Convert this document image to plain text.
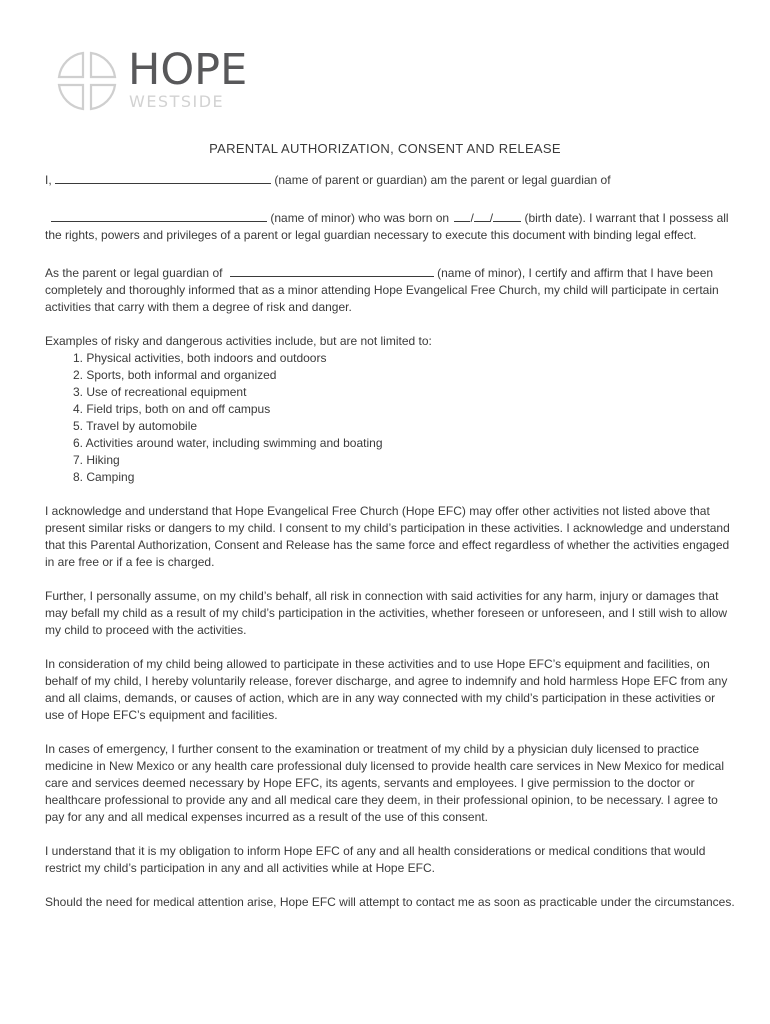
HOPE
WESTSIDE
PARENTAL AUTHORIZATION, CONSENT AND RELEASE

I,	(name of parent or guardian) am the parent or legal guardian of

(name of minor) who was born on / /	(birth date). I warrant that I possess all the rights, powers and privileges of a parent or legal guardian necessary to execute this document with binding legal effect.

As the parent or legal guardian of	(name of minor), I certify and affirm that I have been completely and thoroughly informed that as a minor attending Hope Evangelical Free Church, my child will participate in certain activities that carry with them a degree of risk and danger.

Examples of risky and dangerous activities include, but are not limited to:

1. Physical activities, both indoors and outdoors
2. Sports, both informal and organized
3. Use of recreational equipment
4. Field trips, both on and off campus
5. Travel by automobile
6. Activities around water, including swimming and boating
7. Hiking
8. Camping

I acknowledge and understand that Hope Evangelical Free Church (Hope EFC) may offer other activities not listed above that present similar risks or dangers to my child. I consent to my child’s participation in these activities. I acknowledge and understand that this Parental Authorization, Consent and Release has the same force and effect regardless of whether the activities engaged in are free or if a fee is charged.

Further, I personally assume, on my child’s behalf, all risk in connection with said activities for any harm, injury or damages that may befall my child as a result of my child’s participation in the activities, whether foreseen or unforeseen, and I still wish to allow my child to proceed with the activities.

In consideration of my child being allowed to participate in these activities and to use Hope EFC’s equipment and facilities, on behalf of my child, I hereby voluntarily release, forever discharge, and agree to indemnify and hold harmless Hope EFC from any and all claims, demands, or causes of action, which are in any way connected with my child’s participation in these activities or use of Hope EFC’s equipment and facilities.

In cases of emergency, I further consent to the examination or treatment of my child by a physician duly licensed to practice medicine in New Mexico or any health care professional duly licensed to provide health care services in New Mexico for medical care and services deemed necessary by Hope EFC, its agents, servants and employees. I give permission to the doctor or healthcare professional to provide any and all medical care they deem, in their professional opinion, to be necessary. I agree to pay for any and all medical expenses incurred as a result of the use of this consent.

I understand that it is my obligation to inform Hope EFC of any and all health considerations or medical conditions that would restrict my child’s participation in any and all activities while at Hope EFC.

Should the need for medical attention arise, Hope EFC will attempt to contact me as soon as practicable under the circumstances.
